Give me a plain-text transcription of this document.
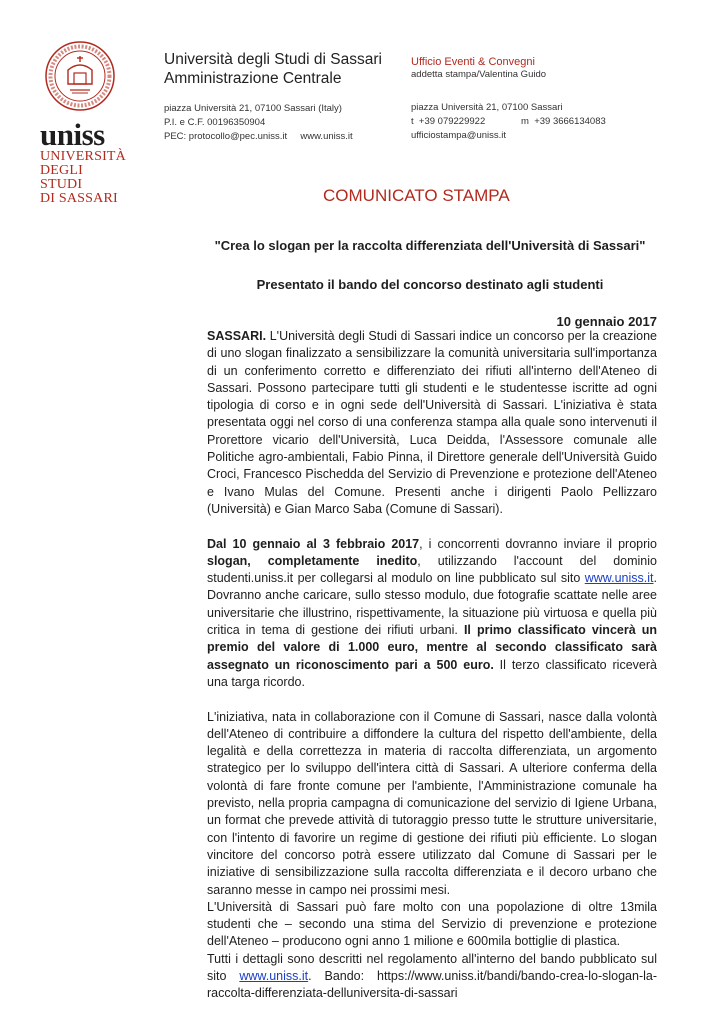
uniss
UNIVERSITÀ
DEGLI STUDI
DI SASSARI
Università degli Studi di Sassari
Amministrazione Centrale
piazza Università 21, 07100 Sassari (Italy)
P.I. e C.F. 00196350904
PEC: protocollo@pec.uniss.it     www.uniss.it
Ufficio Eventi & Convegni
addetta stampa/Valentina Guido
piazza Università 21, 07100 Sassari
t  +39 079229922	m  +39 3666134083
ufficiostampa@uniss.it
COMUNICATO STAMPA
"Crea lo slogan per la raccolta differenziata dell'Università di Sassari"
Presentato il bando del concorso destinato agli studenti
10 gennaio 2017

SASSARI. L'Università degli Studi di Sassari indice un concorso per la creazione di uno slogan finalizzato a sensibilizzare la comunità universitaria sull'importanza di un conferimento corretto e differenziato dei rifiuti all'interno dell'Ateneo di Sassari. Possono partecipare tutti gli studenti e le studentesse iscritte ad ogni tipologia di corso e in ogni sede dell'Università di Sassari. L'iniziativa è stata presentata oggi nel corso di una conferenza stampa alla quale sono intervenuti il Prorettore vicario dell'Università, Luca Deidda, l'Assessore comunale alle Politiche agro-ambientali, Fabio Pinna, il Direttore generale dell'Università Guido Croci, Francesco Pischedda del Servizio di Prevenzione e protezione dell'Ateneo e Ivano Mulas del Comune. Presenti anche i dirigenti Paolo Pellizzaro (Università) e Gian Marco Saba (Comune di Sassari).

Dal 10 gennaio al 3 febbraio 2017, i concorrenti dovranno inviare il proprio slogan, completamente inedito, utilizzando l'account del dominio studenti.uniss.it per collegarsi al modulo on line pubblicato sul sito www.uniss.it. Dovranno anche caricare, sullo stesso modulo, due fotografie scattate nelle aree universitarie che illustrino, rispettivamente, la situazione più virtuosa e quella più critica in tema di gestione dei rifiuti urbani. Il primo classificato vincerà un premio del valore di 1.000 euro, mentre al secondo classificato sarà assegnato un riconoscimento pari a 500 euro. Il terzo classificato riceverà una targa ricordo.

L'iniziativa, nata in collaborazione con il Comune di Sassari, nasce dalla volontà dell'Ateneo di contribuire a diffondere la cultura del rispetto dell'ambiente, della legalità e della correttezza in materia di raccolta differenziata, un argomento strategico per lo sviluppo dell'intera città di Sassari. A ulteriore conferma della volontà di fare fronte comune per l'ambiente, l'Amministrazione comunale ha previsto, nella propria campagna di comunicazione del servizio di Igiene Urbana, un format che prevede attività di tutoraggio presso tutte le strutture universitarie, con l'intento di favorire un regime di gestione dei rifiuti più efficiente. Lo slogan vincitore del concorso potrà essere utilizzato dal Comune di Sassari per le iniziative di sensibilizzazione sulla raccolta differenziata e il decoro urbano che saranno messe in campo nei prossimi mesi.

L'Università di Sassari può fare molto con una popolazione di oltre 13mila studenti che – secondo una stima del Servizio di prevenzione e protezione dell'Ateneo – producono ogni anno 1 milione e 600mila bottiglie di plastica.

Tutti i dettagli sono descritti nel regolamento all'interno del bando pubblicato sul sito www.uniss.it. Bando: https://www.uniss.it/bandi/bando-crea-lo-slogan-la-raccolta-differenziata-delluniversita-di-sassari
